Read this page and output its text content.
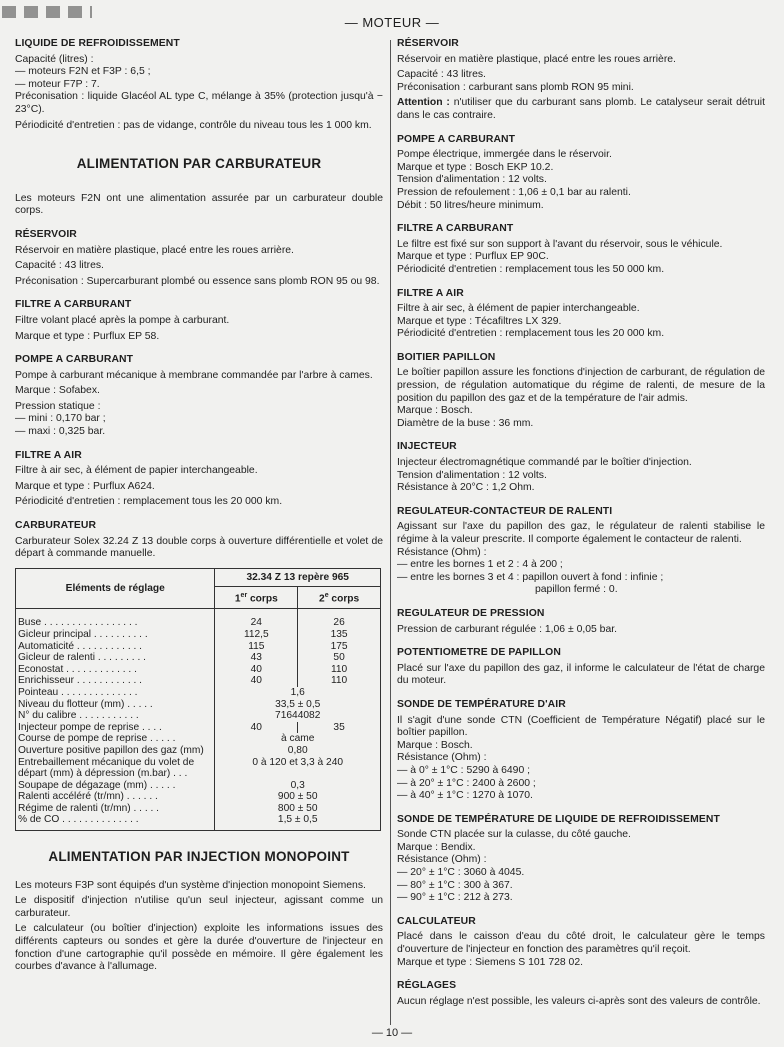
— MOTEUR —
LIQUIDE DE REFROIDISSEMENT
Capacité (litres) :
— moteurs F2N et F3P : 6,5 ;
— moteur F7P : 7.

Préconisation : liquide Glacéol AL type C, mélange à 35% (protection jusqu'à − 23°C).

Périodicité d'entretien : pas de vidange, contrôle du niveau tous les 1 000 km.

ALIMENTATION PAR CARBURATEUR

Les moteurs F2N ont une alimentation assurée par un carburateur double corps.

RÉSERVOIR

Réservoir en matière plastique, placé entre les roues arrière.

Capacité : 43 litres.

Préconisation : Supercarburant plombé ou essence sans plomb RON 95 ou 98.

FILTRE A CARBURANT

Filtre volant placé après la pompe à carburant.

Marque et type : Purflux EP 58.

POMPE A CARBURANT

Pompe à carburant mécanique à membrane commandée par l'arbre à cames.

Marque : Sofabex.

Pression statique :
— mini : 0,170 bar ;
— maxi : 0,325 bar.
FILTRE A AIR

Filtre à air sec, à élément de papier interchangeable.

Marque et type : Purflux A624.

Périodicité d'entretien : remplacement tous les 20 000 km.

CARBURATEUR

Carburateur Solex 32.24 Z 13 double corps à ouverture différentielle et volet de départ à commande manuelle.

Eléments de réglage	32.34 Z 13 repère 965	
	1er corps	2e corps
Buse . . . . . . . . . . . . . . . . .	24	26
Gicleur principal . . . . . . . . . .	112,5	135
Automaticité . . . . . . . . . . . .	115	175
Gicleur de ralenti . . . . . . . . .	43	50
Econostat . . . . . . . . . . . . .	40	110
Enrichisseur . . . . . . . . . . . .	40	110
Pointeau . . . . . . . . . . . . . .	1,6	
Niveau du flotteur (mm) . . . . .	33,5 ± 0,5	
N° du calibre . . . . . . . . . . .	71644082	
Injecteur pompe de reprise . . . .	40	35
Course de pompe de reprise . . . . .	à came	
Ouverture positive papillon des gaz (mm)	0,80	
Entrebaillement mécanique du volet de départ (mm) à dépression (m.bar) . . .	0 à 120 et 3,3 à 240	
Soupape de dégazage (mm) . . . . .	0,3	
Ralenti accéléré (tr/mn) . . . . . .	900 ± 50	
Régime de ralenti (tr/mn) . . . . .	800 ± 50	
% de CO . . . . . . . . . . . . . .	1,5 ± 0,5	
ALIMENTATION PAR INJECTION MONOPOINT

Les moteurs F3P sont équipés d'un système d'injection monopoint Siemens.

Le dispositif d'injection n'utilise qu'un seul injecteur, agissant comme un carburateur.

Le calculateur (ou boîtier d'injection) exploite les informations issues des différents capteurs ou sondes et gère la durée d'ouverture de l'injecteur en fonction d'une cartographie qu'il possède en mémoire. Il gère également les courbes d'avance à l'allumage.

RÉSERVOIR

Réservoir en matière plastique, placé entre les roues arrière.

Capacité : 43 litres.
Préconisation : carburant sans plomb RON 95 mini.

Attention : n'utiliser que du carburant sans plomb. Le catalyseur serait détruit dans le cas contraire.

POMPE A CARBURANT
Pompe électrique, immergée dans le réservoir.
Marque et type : Bosch EKP 10.2.
Tension d'alimentation : 12 volts.
Pression de refoulement : 1,06 ± 0,1 bar au ralenti.
Débit : 50 litres/heure minimum.
FILTRE A CARBURANT
Le filtre est fixé sur son support à l'avant du réservoir, sous le véhicule.
Marque et type : Purflux EP 90C.
Périodicité d'entretien : remplacement tous les 50 000 km.
FILTRE A AIR
Filtre à air sec, à élément de papier interchangeable.
Marque et type : Técafiltres LX 329.
Périodicité d'entretien : remplacement tous les 20 000 km.
BOITIER PAPILLON

Le boîtier papillon assure les fonctions d'injection de carburant, de régulation de pression, de régulation automatique du régime de ralenti, de mesure de la position du papillon des gaz et de la température de l'air admis.

Marque : Bosch.
Diamètre de la buse : 36 mm.
INJECTEUR
Injecteur électromagnétique commandé par le boîtier d'injection.
Tension d'alimentation : 12 volts.
Résistance à 20°C : 1,2 Ohm.
REGULATEUR-CONTACTEUR DE RALENTI

Agissant sur l'axe du papillon des gaz, le régulateur de ralenti stabilise le régime à la valeur prescrite. Il comporte également le contacteur de ralenti.

Résistance (Ohm) :
— entre les bornes 1 et 2 : 4 à 200 ;
— entre les bornes 3 et 4 : papillon ouvert à fond : infinie ;
papillon fermé : 0.
REGULATEUR DE PRESSION

Pression de carburant régulée : 1,06 ± 0,05 bar.

POTENTIOMETRE DE PAPILLON

Placé sur l'axe du papillon des gaz, il informe le calculateur de l'état de charge du moteur.

SONDE DE TEMPÉRATURE D'AIR

Il s'agit d'une sonde CTN (Coefficient de Température Négatif) placé sur le boîtier papillon.

Marque : Bosch.
Résistance (Ohm) :
— à 0° ± 1°C : 5290 à 6490 ;
— à 20° ± 1°C : 2400 à 2600 ;
— à 40° ± 1°C : 1270 à 1070.
SONDE DE TEMPÉRATURE DE LIQUIDE DE REFROIDISSEMENT
Sonde CTN placée sur la culasse, du côté gauche.
Marque : Bendix.
Résistance (Ohm) :
— 20° ± 1°C : 3060 à 4045.
— 80° ± 1°C : 300 à 367.
— 90° ± 1°C : 212 à 273.
CALCULATEUR

Placé dans le caisson d'eau du côté droit, le calculateur gère le temps d'ouverture de l'injecteur en fonction des paramètres qu'il reçoit.

Marque et type : Siemens S 101 728 02.
RÉGLAGES

Aucun réglage n'est possible, les valeurs ci-après sont des valeurs de contrôle.

— 10 —
